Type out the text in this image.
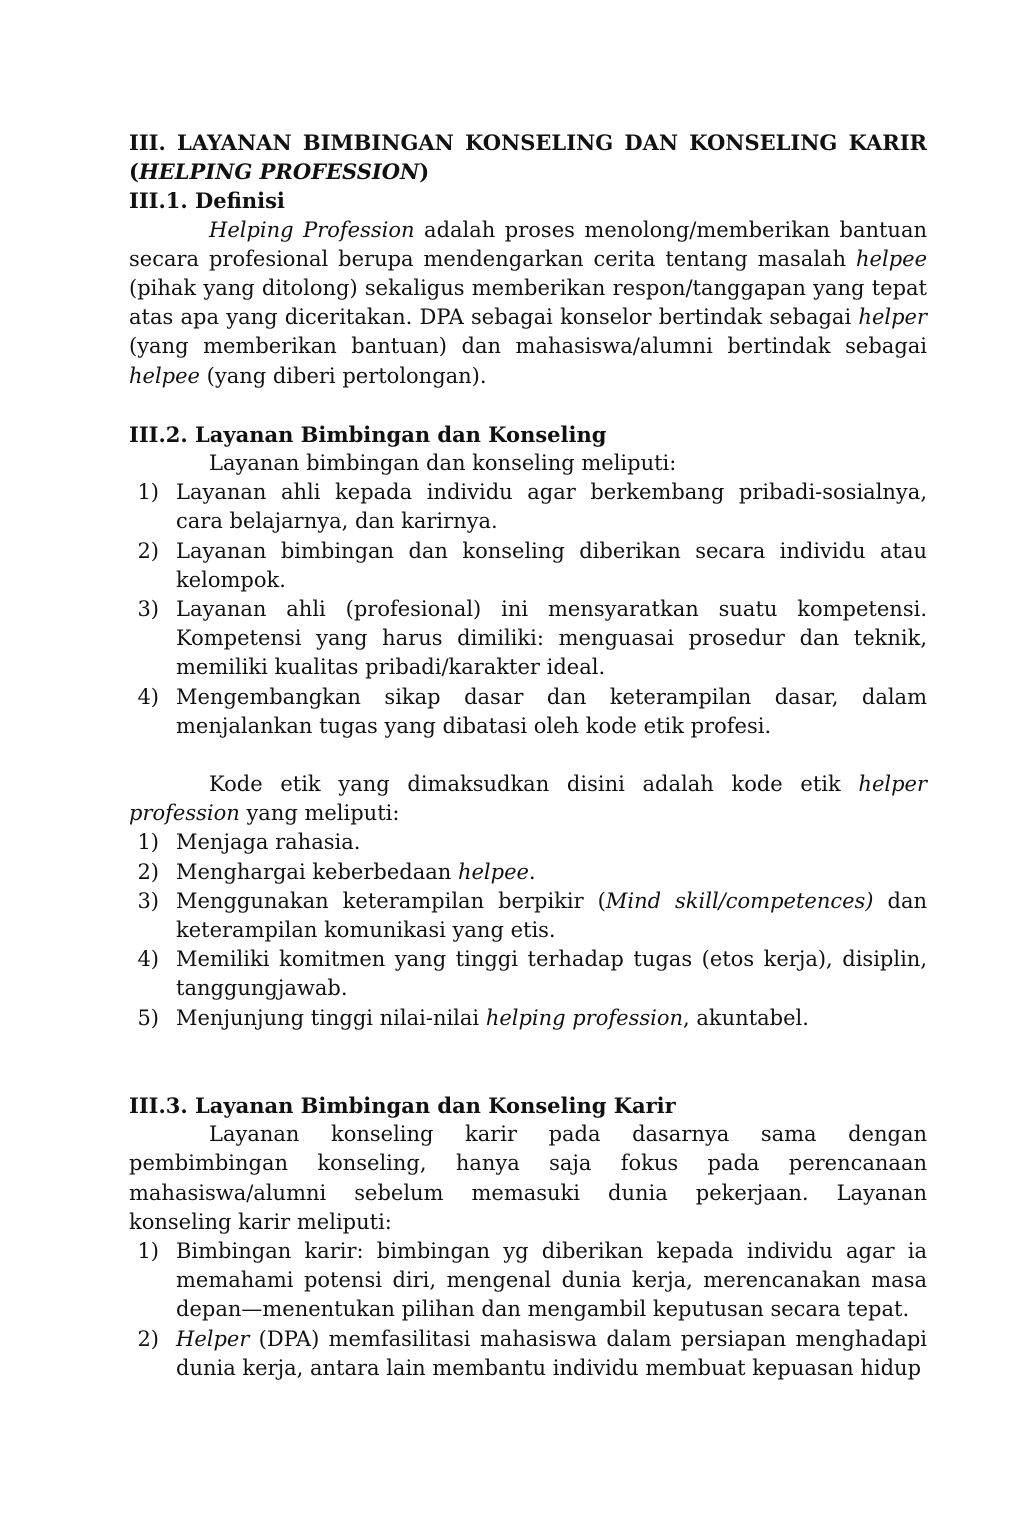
III. LAYANAN BIMBINGAN KONSELING DAN KONSELING KARIR (HELPING PROFESSION)

III.1. Definisi

Helping Profession adalah proses menolong/memberikan bantuan secara profesional berupa mendengarkan cerita tentang masalah helpee (pihak yang ditolong) sekaligus memberikan respon/tanggapan yang tepat atas apa yang diceritakan. DPA sebagai konselor bertindak sebagai helper (yang memberikan bantuan) dan mahasiswa/alumni bertindak sebagai helpee (yang diberi pertolongan).

III.2. Layanan Bimbingan dan Konseling

Layanan bimbingan dan konseling meliputi:

1) Layanan ahli kepada individu agar berkembang pribadi-sosialnya, cara belajarnya, dan karirnya.
2) Layanan bimbingan dan konseling diberikan secara individu atau kelompok.
3) Layanan ahli (profesional) ini mensyaratkan suatu kompetensi. Kompetensi yang harus dimiliki: menguasai prosedur dan teknik, memiliki kualitas pribadi/karakter ideal.
4) Mengembangkan sikap dasar dan keterampilan dasar, dalam menjalankan tugas yang dibatasi oleh kode etik profesi.

Kode etik yang dimaksudkan disini adalah kode etik helper profession yang meliputi:

1) Menjaga rahasia.
2) Menghargai keberbedaan helpee.
3) Menggunakan keterampilan berpikir (Mind skill/competences) dan keterampilan komunikasi yang etis.
4) Memiliki komitmen yang tinggi terhadap tugas (etos kerja), disiplin, tanggungjawab.
5) Menjunjung tinggi nilai-nilai helping profession, akuntabel.

III.3. Layanan Bimbingan dan Konseling Karir

Layanan konseling karir pada dasarnya sama dengan pembimbingan konseling, hanya saja fokus pada perencanaan mahasiswa/alumni sebelum memasuki dunia pekerjaan. Layanan konseling karir meliputi:

1) Bimbingan karir: bimbingan yg diberikan kepada individu agar ia memahami potensi diri, mengenal dunia kerja, merencanakan masa depan—menentukan pilihan dan mengambil keputusan secara tepat.
2) Helper (DPA) memfasilitasi mahasiswa dalam persiapan menghadapi dunia kerja, antara lain membantu individu membuat kepuasan hidup
